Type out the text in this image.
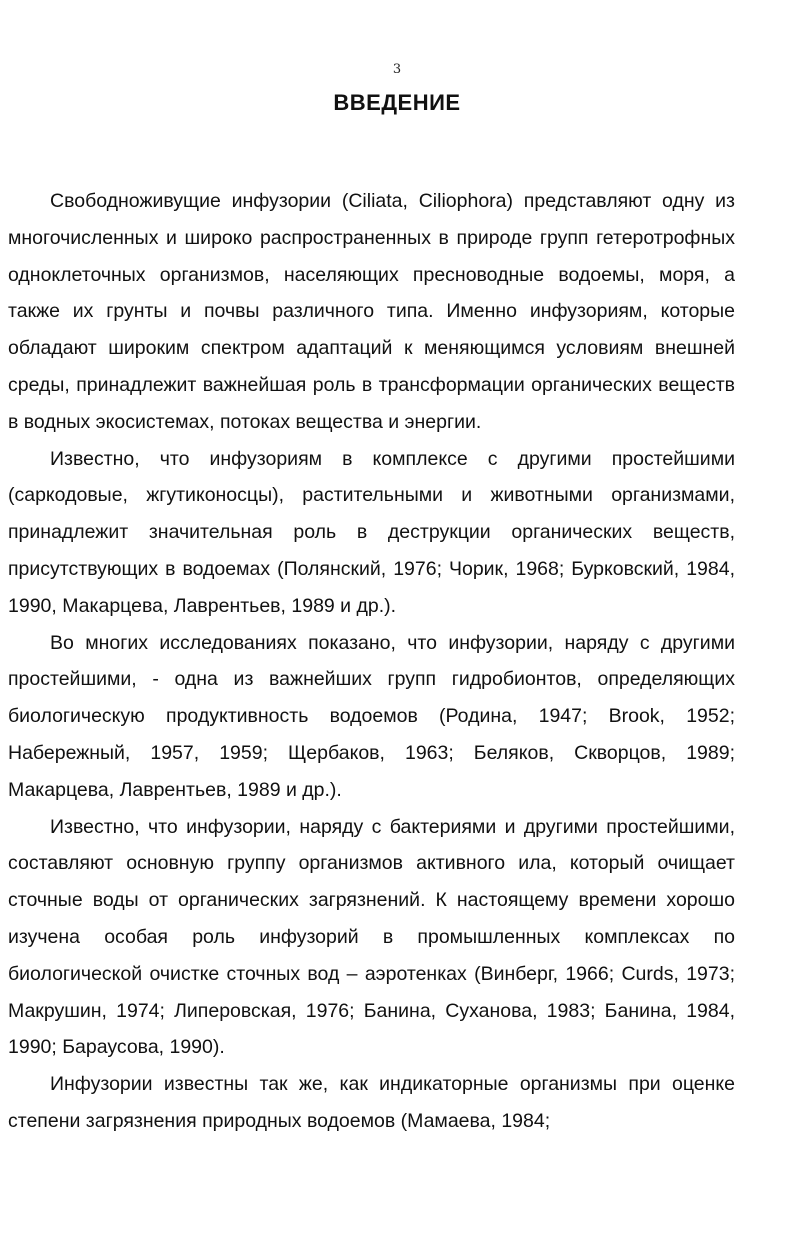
3
ВВЕДЕНИЕ

Свободноживущие инфузории (Ciliata, Ciliophora) представляют одну из многочисленных и широко распространенных в природе групп гетеротрофных одноклеточных организмов, населяющих пресноводные водоемы, моря, а также их грунты и почвы различного типа. Именно инфузориям, которые обладают широким спектром адаптаций к меняющимся условиям внешней среды, принадлежит важнейшая роль в трансформации органических веществ в водных экосистемах, потоках вещества и энергии.

Известно, что инфузориям в комплексе с другими простейшими (саркодовые, жгутиконосцы), растительными и животными организмами, принадлежит значительная роль в деструкции органических веществ, присутствующих в водоемах (Полянский, 1976; Чорик, 1968; Бурковский, 1984, 1990, Макарцева, Лаврентьев, 1989 и др.).

Во многих исследованиях показано, что инфузории, наряду с другими простейшими, - одна из важнейших групп гидробионтов, определяющих биологическую продуктивность водоемов (Родина, 1947; Brook, 1952; Набережный, 1957, 1959; Щербаков, 1963; Беляков, Скворцов, 1989; Макарцева, Лаврентьев, 1989 и др.).

Известно, что инфузории, наряду с бактериями и другими простейшими, составляют основную группу организмов активного ила, который очищает сточные воды от органических загрязнений. К настоящему времени хорошо изучена особая роль инфузорий в промышленных комплексах по биологической очистке сточных вод – аэротенках (Винберг, 1966; Curds, 1973; Макрушин, 1974; Липеровская, 1976; Банина, Суханова, 1983; Банина, 1984, 1990; Бараусова, 1990).

Инфузории известны так же, как индикаторные организмы при оценке степени загрязнения природных водоемов (Мамаева, 1984;
